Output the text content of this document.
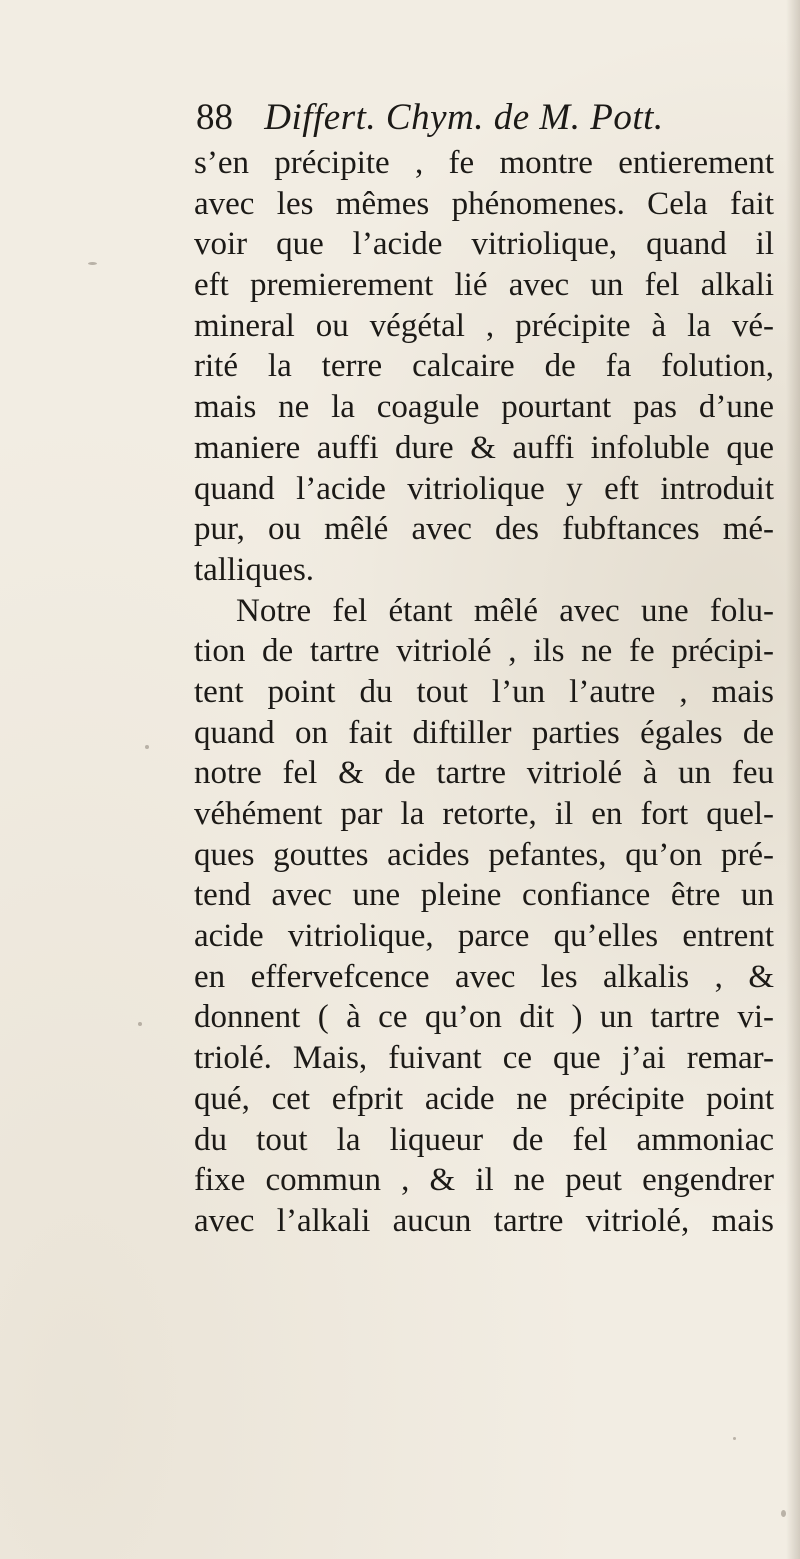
88 Differt. Chym. de M. Pott.
s’en précipite , fe montre entierement
avec les mêmes phénomenes. Cela fait
voir que l’acide vitriolique, quand il
eft premierement lié avec un fel alkali
mineral ou végétal , précipite à la vé-
rité la terre calcaire de fa folution,
mais ne la coagule pourtant pas d’une
maniere auffi dure & auffi infoluble que
quand l’acide vitriolique y eft introduit
pur, ou mêlé avec des fubftances mé-
talliques.
Notre fel étant mêlé avec une folu-
tion de tartre vitriolé , ils ne fe précipi-
tent point du tout l’un l’autre , mais
quand on fait diftiller parties égales de
notre fel & de tartre vitriolé à un feu
véhément par la retorte, il en fort quel-
ques gouttes acides pefantes, qu’on pré-
tend avec une pleine confiance être un
acide vitriolique, parce qu’elles entrent
en effervefcence avec les alkalis , &
donnent ( à ce qu’on dit ) un tartre vi-
triolé. Mais, fuivant ce que j’ai remar-
qué, cet efprit acide ne précipite point
du tout la liqueur de fel ammoniac
fixe commun , & il ne peut engendrer
avec l’alkali aucun tartre vitriolé, mais
